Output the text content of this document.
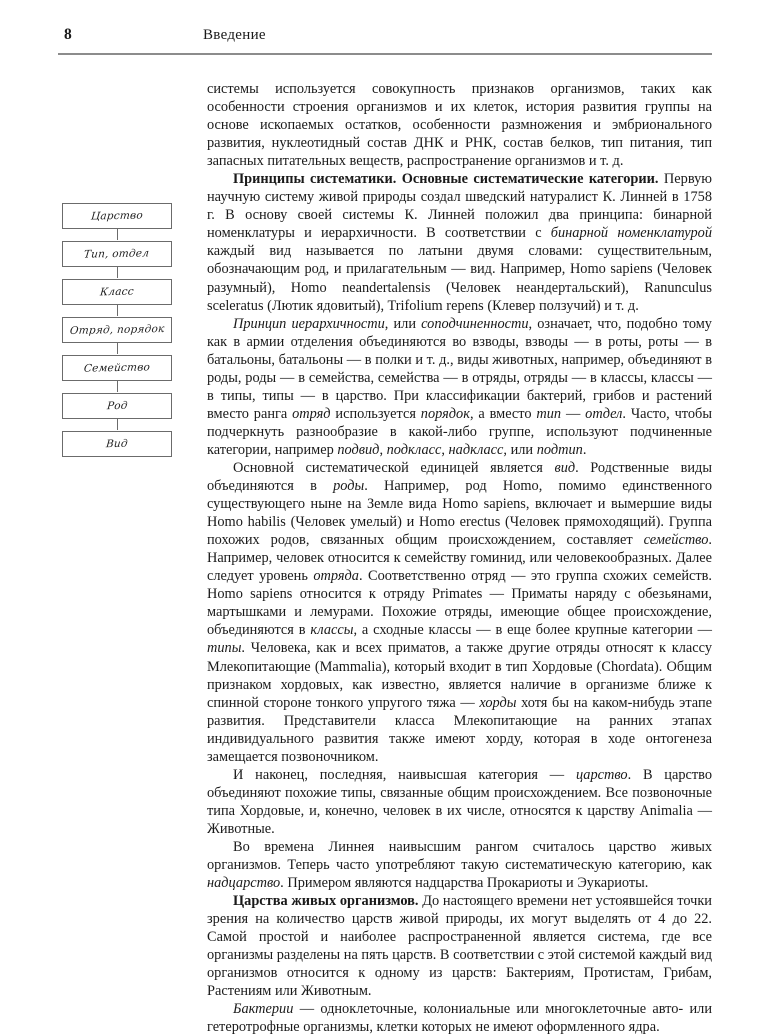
8	Введение
Царство
Тип, отдел
Класс
Отряд, порядок
Семейство
Род
Вид

системы используется совокупность признаков организмов, таких как особенности строения организмов и их клеток, история развития группы на основе ископаемых остатков, особенности размножения и эмбрионального развития, нуклеотидный состав ДНК и РНК, состав белков, тип питания, тип запасных питательных веществ, распространение организмов и т. д.

Принципы систематики. Основные систематические категории. Первую научную систему живой природы создал шведский натуралист К. Линней в 1758 г. В основу своей системы К. Линней положил два принципа: бинарной номенклатуры и иерархичности. В соответствии с бинарной номенклатурой каждый вид называется по латыни двумя словами: существительным, обозначающим род, и прилагательным — вид. Например, Homo sapiens (Человек разумный), Homo neandertalensis (Человек неандертальский), Ranunculus sceleratus (Лютик ядовитый), Trifolium repens (Клевер ползучий) и т. д.

Принцип иерархичности, или соподчиненности, означает, что, подобно тому как в армии отделения объединяются во взводы, взводы — в роты, роты — в батальоны, батальоны — в полки и т. д., виды животных, например, объединяют в роды, роды — в семейства, семейства — в отряды, отряды — в классы, классы — в типы, типы — в царство. При классификации бактерий, грибов и растений вместо ранга отряд используется порядок, а вместо тип — отдел. Часто, чтобы подчеркнуть разнообразие в какой-либо группе, используют подчиненные категории, например подвид, подкласс, надкласс, или подтип.

Основной систематической единицей является вид. Родственные виды объединяются в роды. Например, род Homo, помимо единственного существующего ныне на Земле вида Homo sapiens, включает и вымершие виды Homo habilis (Человек умелый) и Homo erectus (Человек прямоходящий). Группа похожих родов, связанных общим происхождением, составляет семейство. Например, человек относится к семейству гоминид, или человекообразных. Далее следует уровень отряда. Соответственно отряд — это группа схожих семейств. Homo sapiens относится к отряду Primates — Приматы наряду с обезьянами, мартышками и лемурами. Похожие отряды, имеющие общее происхождение, объединяются в классы, а сходные классы — в еще более крупные категории — типы. Человека, как и всех приматов, а также другие отряды относят к классу Млекопитающие (Mammalia), который входит в тип Хордовые (Chordata). Общим признаком хордовых, как известно, является наличие в организме ближе к спинной стороне тонкого упругого тяжа — хорды хотя бы на каком-нибудь этапе развития. Представители класса Млекопитающие на ранних этапах индивидуального развития также имеют хорду, которая в ходе онтогенеза замещается позвоночником.

И наконец, последняя, наивысшая категория — царство. В царство объединяют похожие типы, связанные общим происхождением. Все позвоночные типа Хордовые, и, конечно, человек в их числе, относятся к царству Animalia — Животные.

Во времена Линнея наивысшим рангом считалось царство живых организмов. Теперь часто употребляют такую систематическую категорию, как надцарство. Примером являются надцарства Прокариоты и Эукариоты.

Царства живых организмов. До настоящего времени нет устоявшейся точки зрения на количество царств живой природы, их могут выделять от 4 до 22. Самой простой и наиболее распространенной является система, где все организмы разделены на пять царств. В соответствии с этой системой каждый вид организмов относится к одному из царств: Бактериям, Протистам, Грибам, Растениям или Животным.

Бактерии — одноклеточные, колониальные или многоклеточные авто- или гетеротрофные организмы, клетки которых не имеют оформленного ядра.
